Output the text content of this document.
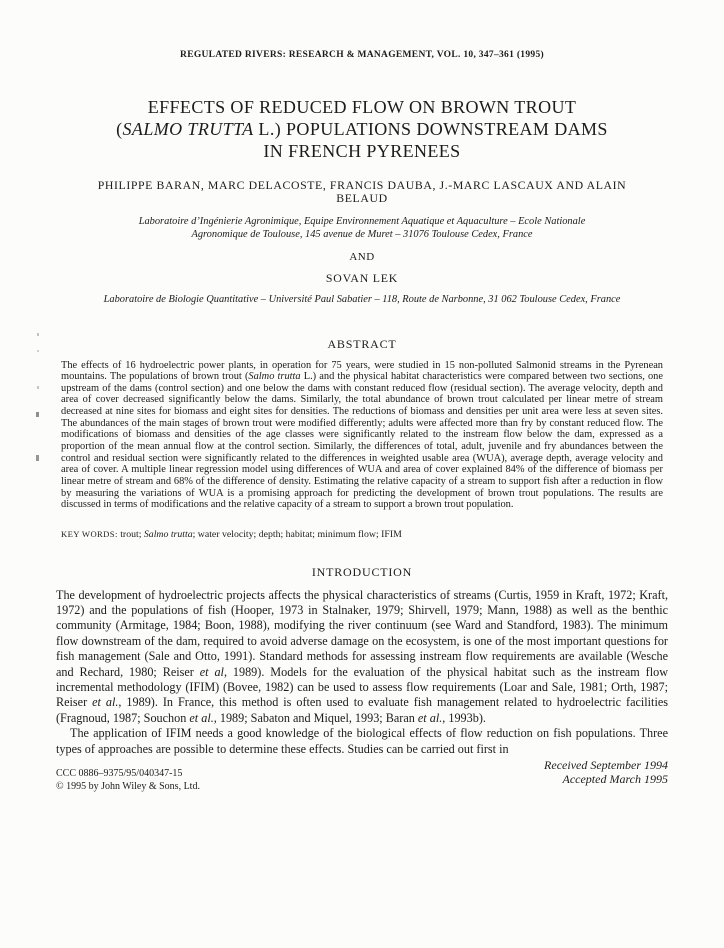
REGULATED RIVERS: RESEARCH & MANAGEMENT, VOL. 10, 347–361 (1995)
EFFECTS OF REDUCED FLOW ON BROWN TROUT
(SALMO TRUTTA L.) POPULATIONS DOWNSTREAM DAMS
IN FRENCH PYRENEES
PHILIPPE BARAN, MARC DELACOSTE, FRANCIS DAUBA, J.-MARC LASCAUX AND ALAIN
BELAUD
Laboratoire d’Ingénierie Agronimique, Equipe Environnement Aquatique et Aquaculture – Ecole Nationale
Agronomique de Toulouse, 145 avenue de Muret – 31076 Toulouse Cedex, France
AND
SOVAN LEK
Laboratoire de Biologie Quantitative – Université Paul Sabatier – 118, Route de Narbonne, 31 062 Toulouse Cedex, France
ABSTRACT
The effects of 16 hydroelectric power plants, in operation for 75 years, were studied in 15 non-polluted Salmonid streams in the Pyrenean mountains. The populations of brown trout (Salmo trutta L.) and the physical habitat characteristics were compared between two sections, one upstream of the dams (control section) and one below the dams with constant reduced flow (residual section). The average velocity, depth and area of cover decreased significantly below the dams. Similarly, the total abundance of brown trout calculated per linear metre of stream decreased at nine sites for biomass and eight sites for densities. The reductions of biomass and densities per unit area were less at seven sites. The abundances of the main stages of brown trout were modified differently; adults were affected more than fry by constant reduced flow. The modifications of biomass and densities of the age classes were significantly related to the instream flow below the dam, expressed as a proportion of the mean annual flow at the control section. Similarly, the differences of total, adult, juvenile and fry abundances between the control and residual section were significantly related to the differences in weighted usable area (WUA), average depth, average velocity and area of cover. A multiple linear regression model using differences of WUA and area of cover explained 84% of the difference of biomass per linear metre of stream and 68% of the difference of density. Estimating the relative capacity of a stream to support fish after a reduction in flow by measuring the variations of WUA is a promising approach for predicting the development of brown trout populations. The results are discussed in terms of modifications and the relative capacity of a stream to support a brown trout population.
KEY WORDS: trout; Salmo trutta; water velocity; depth; habitat; minimum flow; IFIM
INTRODUCTION

The development of hydroelectric projects affects the physical characteristics of streams (Curtis, 1959 in Kraft, 1972; Kraft, 1972) and the populations of fish (Hooper, 1973 in Stalnaker, 1979; Shirvell, 1979; Mann, 1988) as well as the benthic community (Armitage, 1984; Boon, 1988), modifying the river continuum (see Ward and Standford, 1983). The minimum flow downstream of the dam, required to avoid adverse damage on the ecosystem, is one of the most important questions for fish management (Sale and Otto, 1991). Standard methods for assessing instream flow requirements are available (Wesche and Rechard, 1980; Reiser et al, 1989). Models for the evaluation of the physical habitat such as the instream flow incremental methodology (IFIM) (Bovee, 1982) can be used to assess flow requirements (Loar and Sale, 1981; Orth, 1987; Reiser et al., 1989). In France, this method is often used to evaluate fish management related to hydroelectric facilities (Fragnoud, 1987; Souchon et al., 1989; Sabaton and Miquel, 1993; Baran et al., 1993b).

The application of IFIM needs a good knowledge of the biological effects of flow reduction on fish populations. Three types of approaches are possible to determine these effects. Studies can be carried out first in

CCC 0886–9375/95/040347-15
© 1995 by John Wiley & Sons, Ltd.
Received September 1994
Accepted March 1995
